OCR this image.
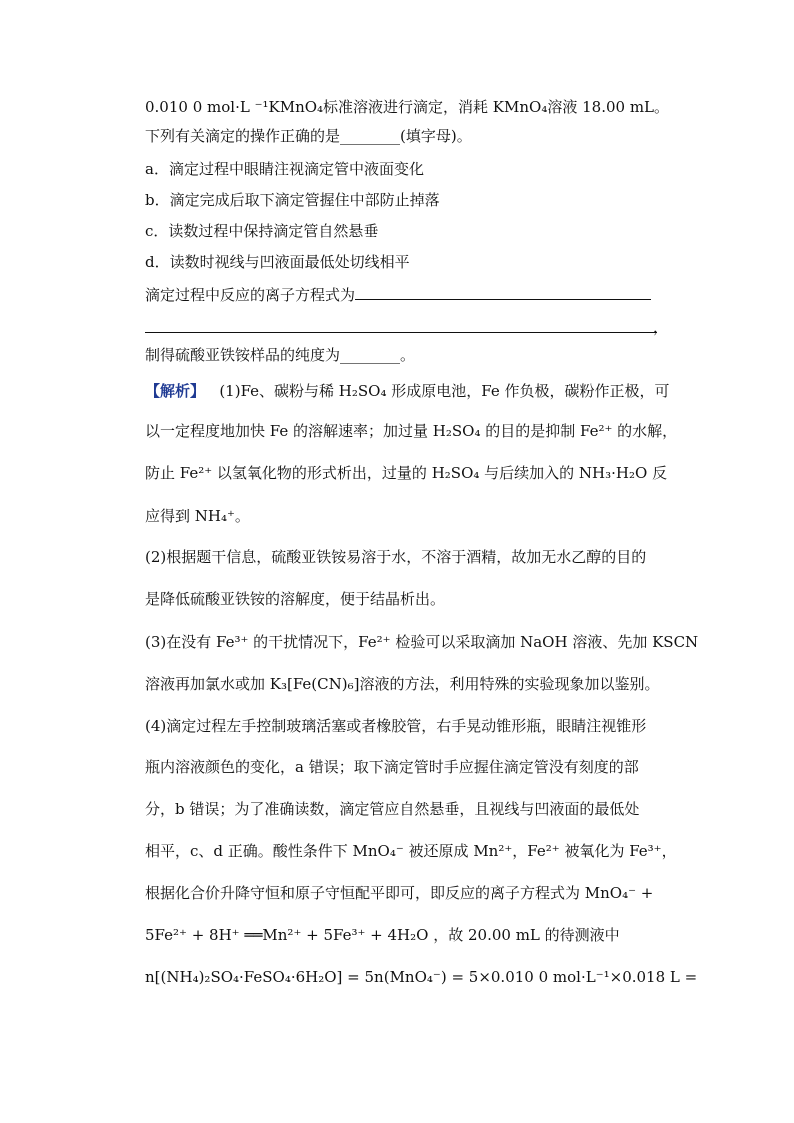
0.010 0 mol·L ⁻¹KMnO₄标准溶液进行滴定，消耗 KMnO₄溶液 18.00 mL。
下列有关滴定的操作正确的是________(填字母)。
a．滴定过程中眼睛注视滴定管中液面变化
b．滴定完成后取下滴定管握住中部防止掉落
c．读数过程中保持滴定管自然悬垂
d．读数时视线与凹液面最低处切线相平
滴定过程中反应的离子方程式为
，
制得硫酸亚铁铵样品的纯度为________。
【解析】 (1)Fe、碳粉与稀 H₂SO₄ 形成原电池，Fe 作负极，碳粉作正极，可
以一定程度地加快 Fe 的溶解速率；加过量 H₂SO₄ 的目的是抑制 Fe²⁺ 的水解，
防止 Fe²⁺ 以氢氧化物的形式析出，过量的 H₂SO₄ 与后续加入的 NH₃·H₂O 反
应得到 NH₄⁺。
(2)根据题干信息，硫酸亚铁铵易溶于水，不溶于酒精，故加无水乙醇的目的
是降低硫酸亚铁铵的溶解度，便于结晶析出。
(3)在没有 Fe³⁺ 的干扰情况下，Fe²⁺ 检验可以采取滴加 NaOH 溶液、先加 KSCN
溶液再加氯水或加 K₃[Fe(CN)₆]溶液的方法，利用特殊的实验现象加以鉴别。
(4)滴定过程左手控制玻璃活塞或者橡胶管，右手晃动锥形瓶，眼睛注视锥形
瓶内溶液颜色的变化，a 错误；取下滴定管时手应握住滴定管没有刻度的部
分，b 错误；为了准确读数，滴定管应自然悬垂，且视线与凹液面的最低处
相平，c、d 正确。酸性条件下 MnO₄⁻ 被还原成 Mn²⁺，Fe²⁺ 被氧化为 Fe³⁺，
根据化合价升降守恒和原子守恒配平即可，即反应的离子方程式为 MnO₄⁻ +
5Fe²⁺ + 8H⁺ ══Mn²⁺ + 5Fe³⁺ + 4H₂O ，故 20.00 mL 的待测液中
n[(NH₄)₂SO₄·FeSO₄·6H₂O] = 5n(MnO₄⁻) = 5×0.010 0 mol·L⁻¹×0.018 L =
